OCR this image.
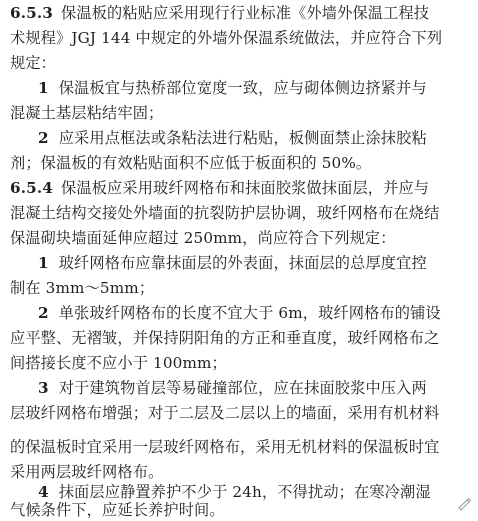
6.5.3 保温板的粘贴应采用现行行业标准《外墙外保温工程技
术规程》JGJ 144 中规定的外墙外保温系统做法，并应符合下列
规定：
1 保温板宜与热桥部位宽度一致，应与砌体侧边挤紧并与
混凝土基层粘结牢固；
2 应采用点框法或条粘法进行粘贴，板侧面禁止涂抹胶粘
剂；保温板的有效粘贴面积不应低于板面积的 50%。
6.5.4 保温板应采用玻纤网格布和抹面胶浆做抹面层，并应与
混凝土结构交接处外墙面的抗裂防护层协调，玻纤网格布在烧结
保温砌块墙面延伸应超过 250mm，尚应符合下列规定：
1 玻纤网格布应靠抹面层的外表面，抹面层的总厚度宜控
制在 3mm～5mm；
2 单张玻纤网格布的长度不宜大于 6m，玻纤网格布的铺设
应平整、无褶皱，并保持阴阳角的方正和垂直度，玻纤网格布之
间搭接长度不应小于 100mm；
3 对于建筑物首层等易碰撞部位，应在抹面胶浆中压入两
层玻纤网格布增强；对于二层及二层以上的墙面，采用有机材料
的保温板时宜采用一层玻纤网格布，采用无机材料的保温板时宜
采用两层玻纤网格布。
4 抹面层应静置养护不少于 24h，不得扰动；在寒冷潮湿
气候条件下，应延长养护时间。
